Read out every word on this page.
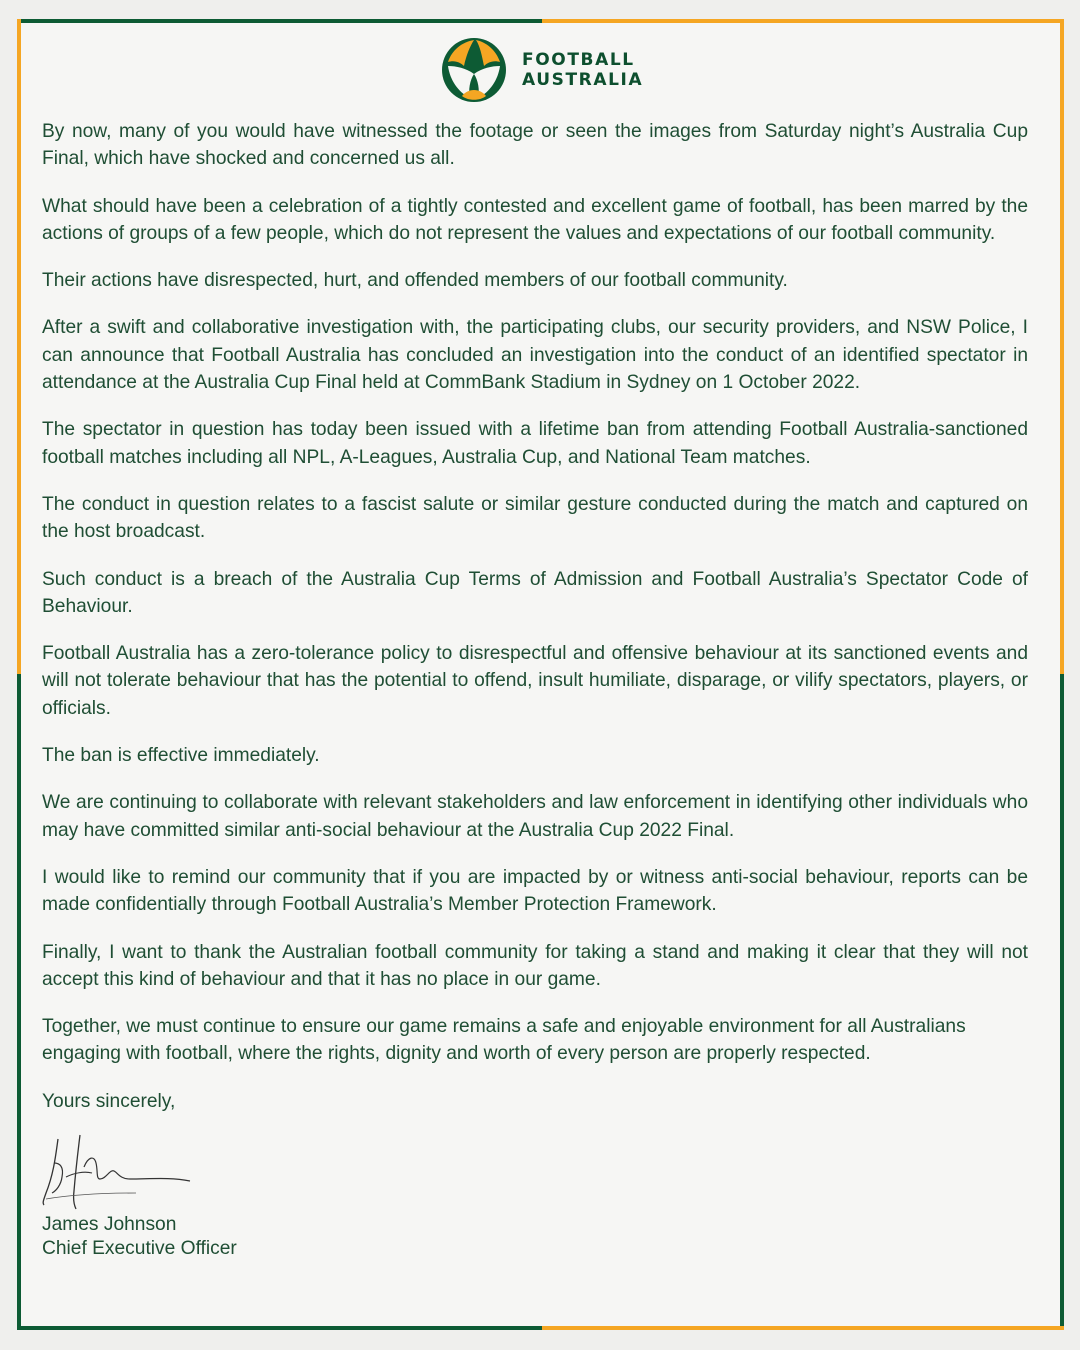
FOOTBALL
AUSTRALIA

By now, many of you would have witnessed the footage or seen the images from Saturday night’s Australia Cup Final, which have shocked and concerned us all.

What should have been a celebration of a tightly contested and excellent game of football, has been marred by the actions of groups of a few people, which do not represent the values and expectations of our football community.

Their actions have disrespected, hurt, and offended members of our football community.

After a swift and collaborative investigation with, the participating clubs, our security providers, and NSW Police, I can announce that Football Australia has concluded an investigation into the conduct of an identified spectator in attendance at the Australia Cup Final held at CommBank Stadium in Sydney on 1 October 2022.

The spectator in question has today been issued with a lifetime ban from attending Football Australia-sanctioned football matches including all NPL, A-Leagues, Australia Cup, and National Team matches.

The conduct in question relates to a fascist salute or similar gesture conducted during the match and captured on the host broadcast.

Such conduct is a breach of the Australia Cup Terms of Admission and Football Australia’s Spectator Code of Behaviour.

Football Australia has a zero-tolerance policy to disrespectful and offensive behaviour at its sanctioned events and will not tolerate behaviour that has the potential to offend, insult humiliate, disparage, or vilify spectators, players, or officials.

The ban is effective immediately.

We are continuing to collaborate with relevant stakeholders and law enforcement in identifying other individuals who may have committed similar anti-social behaviour at the Australia Cup 2022 Final.

I would like to remind our community that if you are impacted by or witness anti-social behaviour, reports can be made confidentially through Football Australia’s Member Protection Framework.

Finally, I want to thank the Australian football community for taking a stand and making it clear that they will not accept this kind of behaviour and that it has no place in our game.

Together, we must continue to ensure our game remains a safe and enjoyable environment for all Australians engaging with football, where the rights, dignity and worth of every person are properly respected.

Yours sincerely,

James Johnson
Chief Executive Officer
